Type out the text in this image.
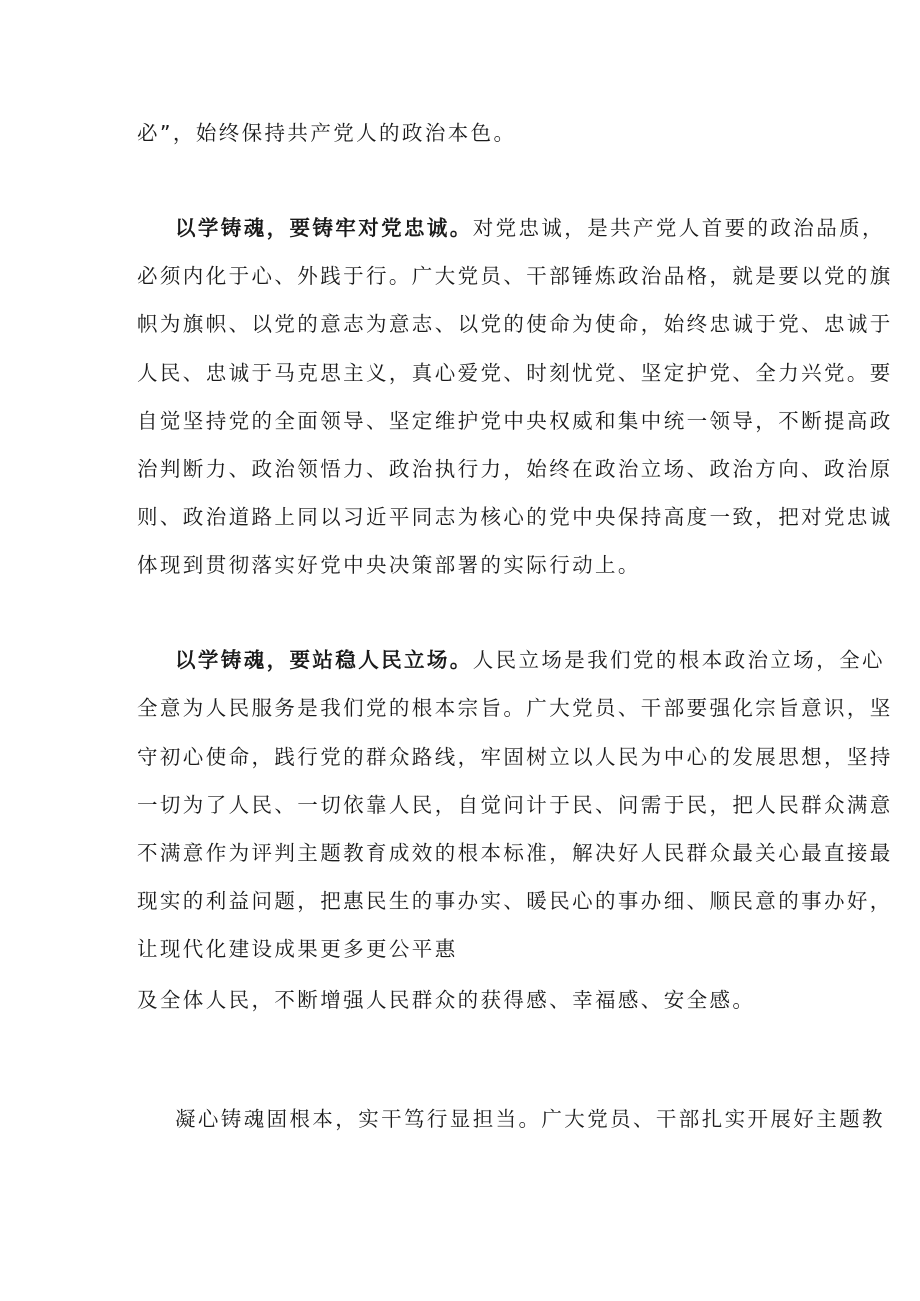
必”，始终保持共产党人的政治本色。
以学铸魂，要铸牢对党忠诚。对党忠诚，是共产党人首要的政治品质，
必须内化于心、外践于行。广大党员、干部锤炼政治品格，就是要以党的旗
帜为旗帜、以党的意志为意志、以党的使命为使命，始终忠诚于党、忠诚于
人民、忠诚于马克思主义，真心爱党、时刻忧党、坚定护党、全力兴党。要
自觉坚持党的全面领导、坚定维护党中央权威和集中统一领导，不断提高政
治判断力、政治领悟力、政治执行力，始终在政治立场、政治方向、政治原
则、政治道路上同以习近平同志为核心的党中央保持高度一致，把对党忠诚
体现到贯彻落实好党中央决策部署的实际行动上。
以学铸魂，要站稳人民立场。人民立场是我们党的根本政治立场，全心
全意为人民服务是我们党的根本宗旨。广大党员、干部要强化宗旨意识，坚
守初心使命，践行党的群众路线，牢固树立以人民为中心的发展思想，坚持
一切为了人民、一切依靠人民，自觉问计于民、问需于民，把人民群众满意
不满意作为评判主题教育成效的根本标准，解决好人民群众最关心最直接最
现实的利益问题，把惠民生的事办实、暖民心的事办细、顺民意的事办好，
让现代化建设成果更多更公平惠
及全体人民，不断增强人民群众的获得感、幸福感、安全感。
凝心铸魂固根本，实干笃行显担当。广大党员、干部扎实开展好主题教
